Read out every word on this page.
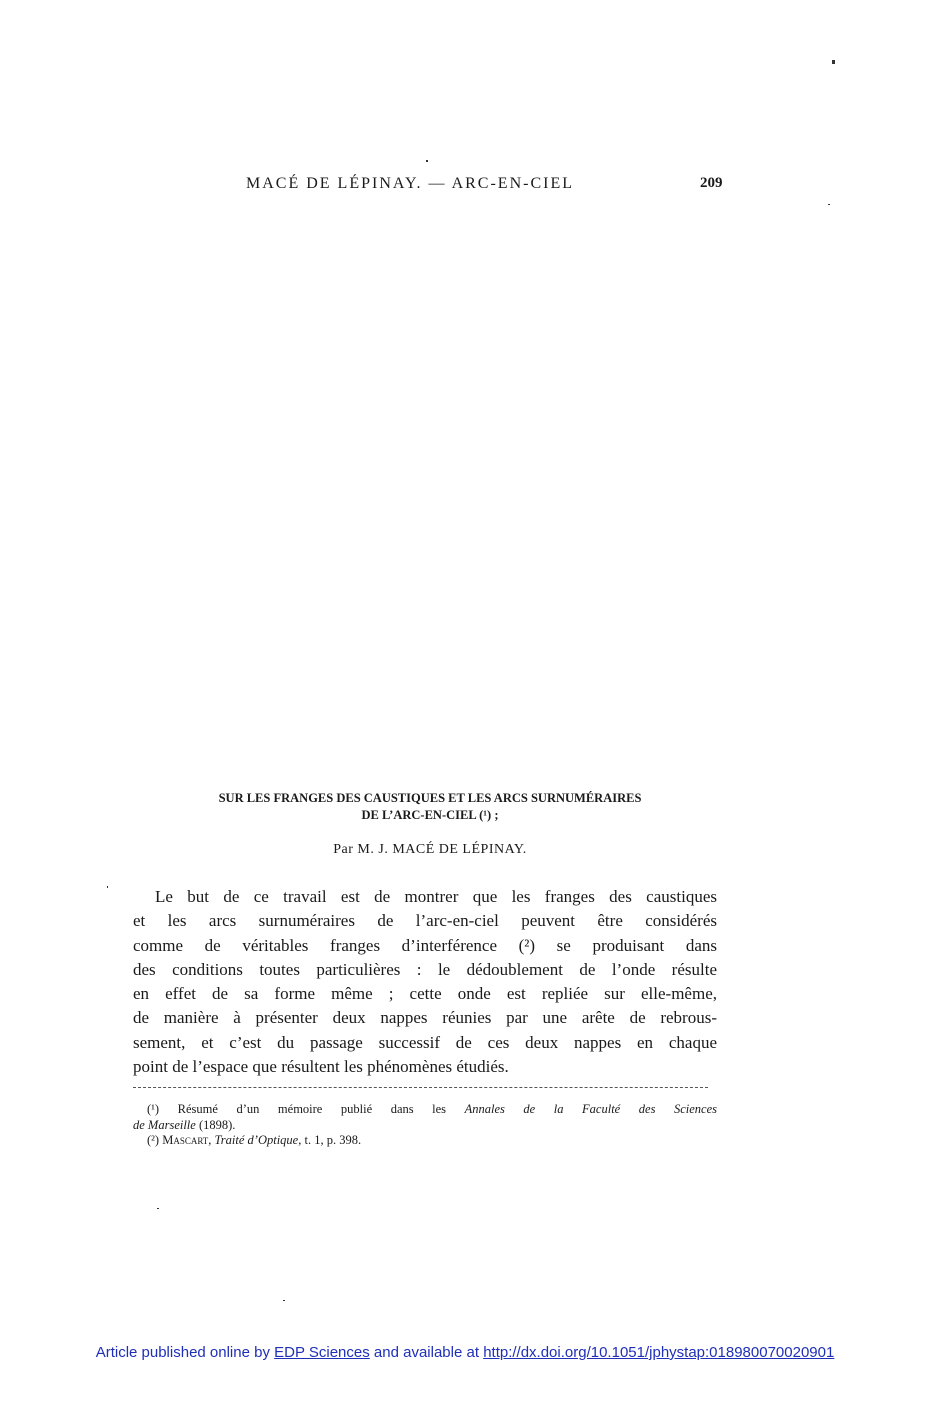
MACÉ DE LÉPINAY. — ARC-EN-CIEL	209
SUR LES FRANGES DES CAUSTIQUES ET LES ARCS SURNUMÉRAIRES
DE L’ARC-EN-CIEL (¹) ;
Par M. J. MACÉ DE LÉPINAY.
Le but de ce travail est de montrer que les franges des caustiques
et les arcs surnuméraires de l’arc-en-ciel peuvent être considérés
comme de véritables franges d’interférence (²) se produisant dans
des conditions toutes particulières : le dédoublement de l’onde résulte
en effet de sa forme même ; cette onde est repliée sur elle-même,
de manière à présenter deux nappes réunies par une arête de rebrous-
sement, et c’est du passage successif de ces deux nappes en chaque
point de l’espace que résultent les phénomènes étudiés.
(¹) Résumé d’un mémoire publié dans les Annales de la Faculté des Sciences
de Marseille (1898).
(²) Mascart, Traité d’Optique, t. 1, p. 398.
Article published online by EDP Sciences and available at http://dx.doi.org/10.1051/jphystap:018980070020901
